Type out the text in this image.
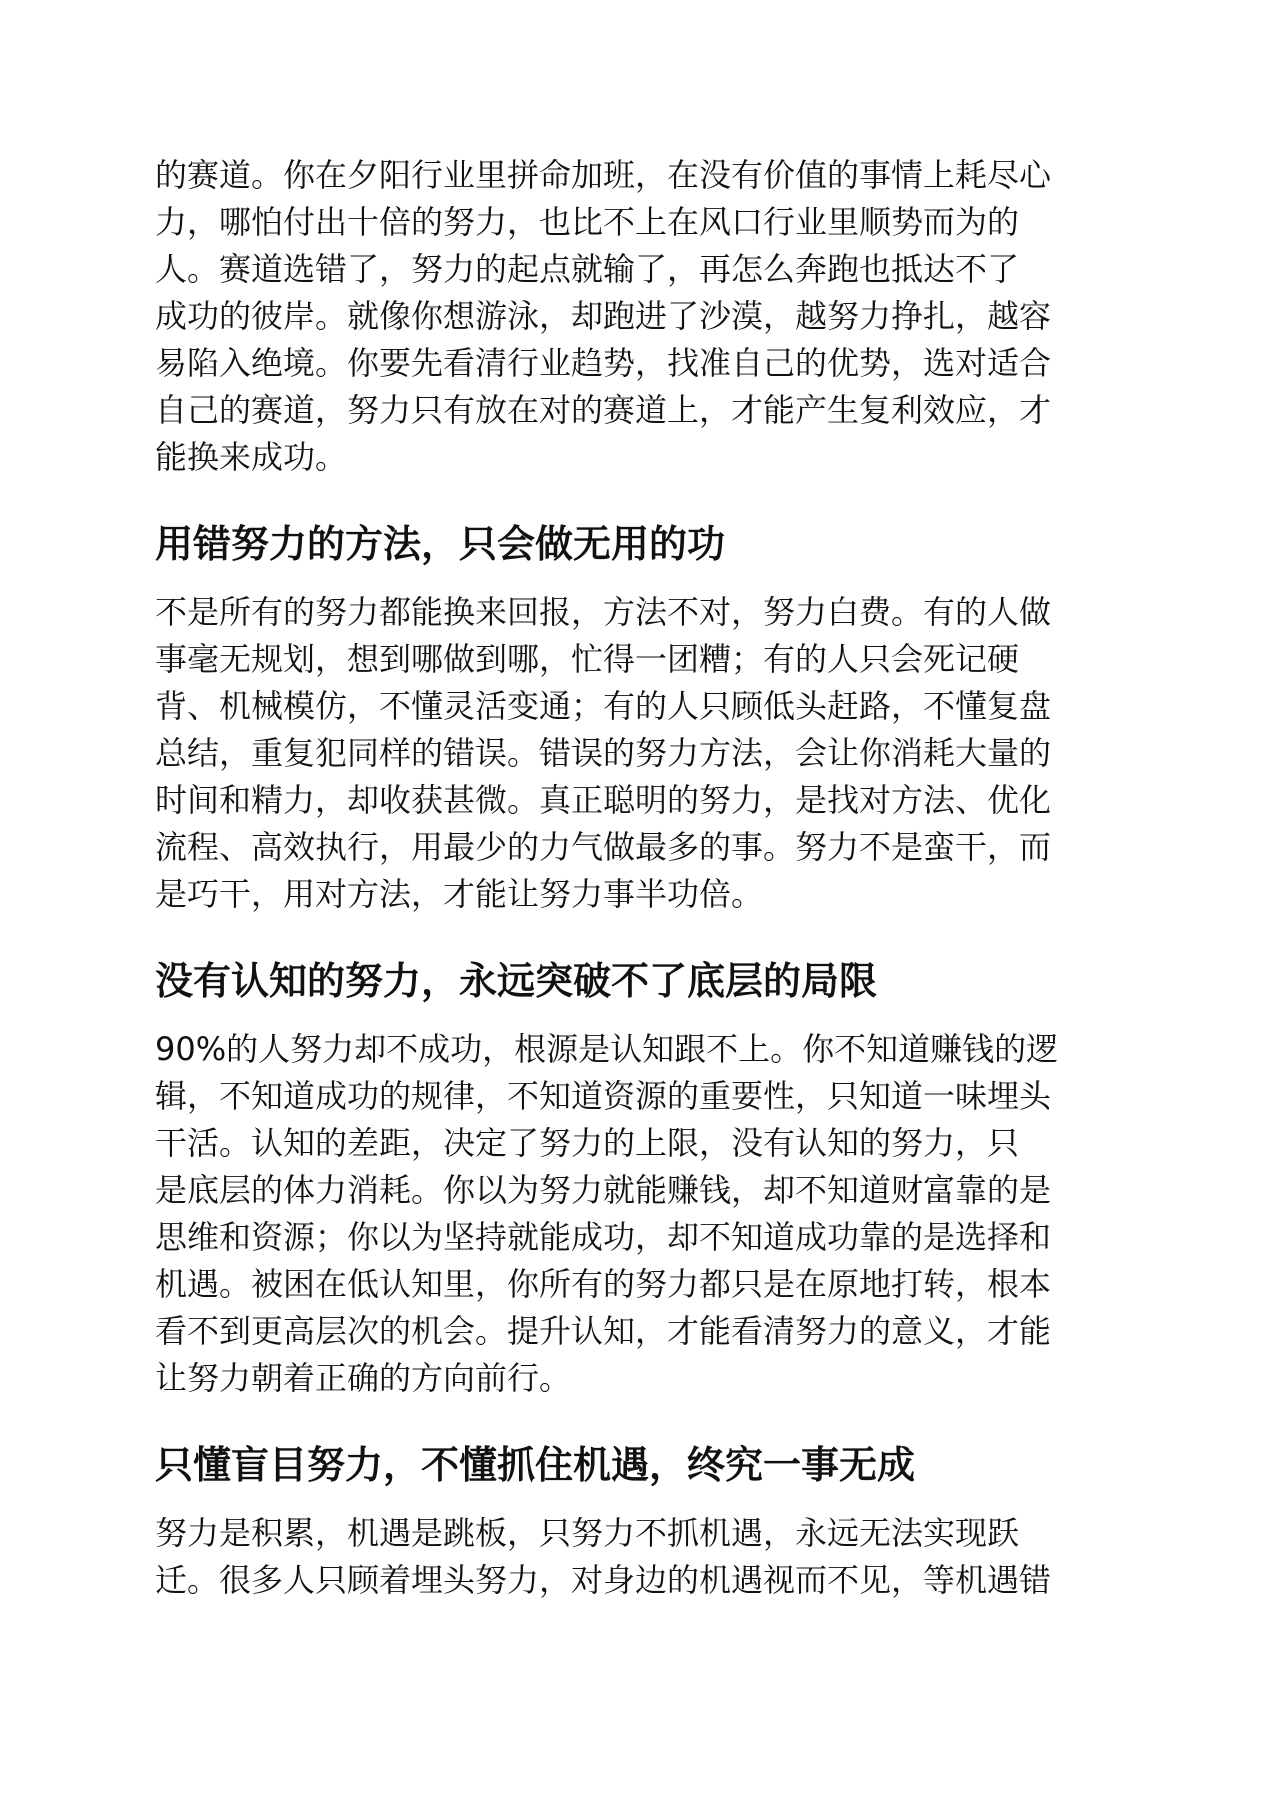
的赛道。你在夕阳行业里拼命加班，在没有价值的事情上耗尽心
力，哪怕付出十倍的努力，也比不上在风口行业里顺势而为的
人。赛道选错了，努力的起点就输了，再怎么奔跑也抵达不了
成功的彼岸。就像你想游泳，却跑进了沙漠，越努力挣扎，越容
易陷入绝境。你要先看清行业趋势，找准自己的优势，选对适合
自己的赛道，努力只有放在对的赛道上，才能产生复利效应，才
能换来成功。

用错努力的方法，只会做无用的功

不是所有的努力都能换来回报，方法不对，努力白费。有的人做
事毫无规划，想到哪做到哪，忙得一团糟；有的人只会死记硬
背、机械模仿，不懂灵活变通；有的人只顾低头赶路，不懂复盘
总结，重复犯同样的错误。错误的努力方法，会让你消耗大量的
时间和精力，却收获甚微。真正聪明的努力，是找对方法、优化
流程、高效执行，用最少的力气做最多的事。努力不是蛮干，而
是巧干，用对方法，才能让努力事半功倍。

没有认知的努力，永远突破不了底层的局限

90%的人努力却不成功，根源是认知跟不上。你不知道赚钱的逻
辑，不知道成功的规律，不知道资源的重要性，只知道一味埋头
干活。认知的差距，决定了努力的上限，没有认知的努力，只
是底层的体力消耗。你以为努力就能赚钱，却不知道财富靠的是
思维和资源；你以为坚持就能成功，却不知道成功靠的是选择和
机遇。被困在低认知里，你所有的努力都只是在原地打转，根本
看不到更高层次的机会。提升认知，才能看清努力的意义，才能
让努力朝着正确的方向前行。

只懂盲目努力，不懂抓住机遇，终究一事无成

努力是积累，机遇是跳板，只努力不抓机遇，永远无法实现跃
迁。很多人只顾着埋头努力，对身边的机遇视而不见，等机遇错
